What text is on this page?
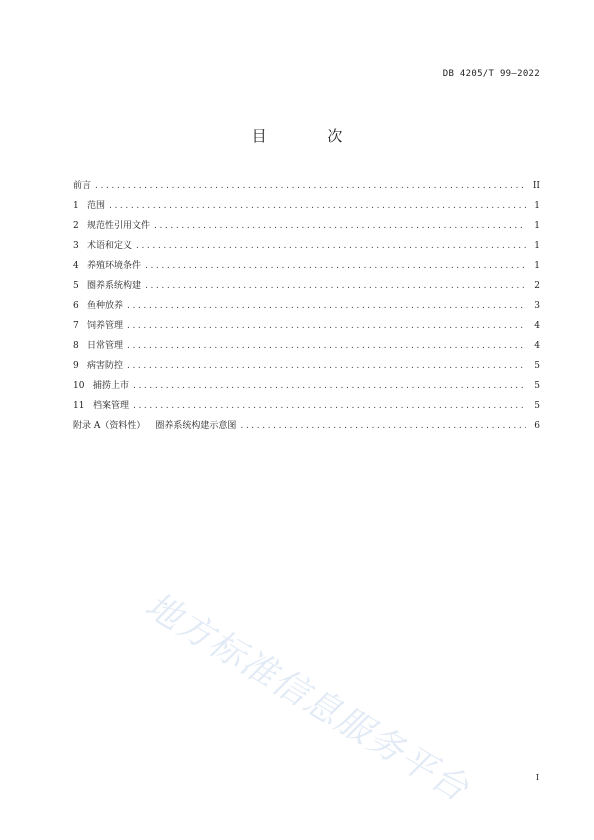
DB 4205/T 99—2022
目 次
前言 .....	II
1 范围 .....	1
2 规范性引用文件 .....	1
3 术语和定义 .....	1
4 养殖环境条件 .....	1
5 圈养系统构建 .....	2
6 鱼种放养 .....	3
7 饲养管理 .....	4
8 日常管理 .....	4
9 病害防控 .....	5
10 捕捞上市 .....	5
11 档案管理 .....	5
附录 A（资料性） 圈养系统构建示意图 .....	6
地方标准信息服务平台	I
